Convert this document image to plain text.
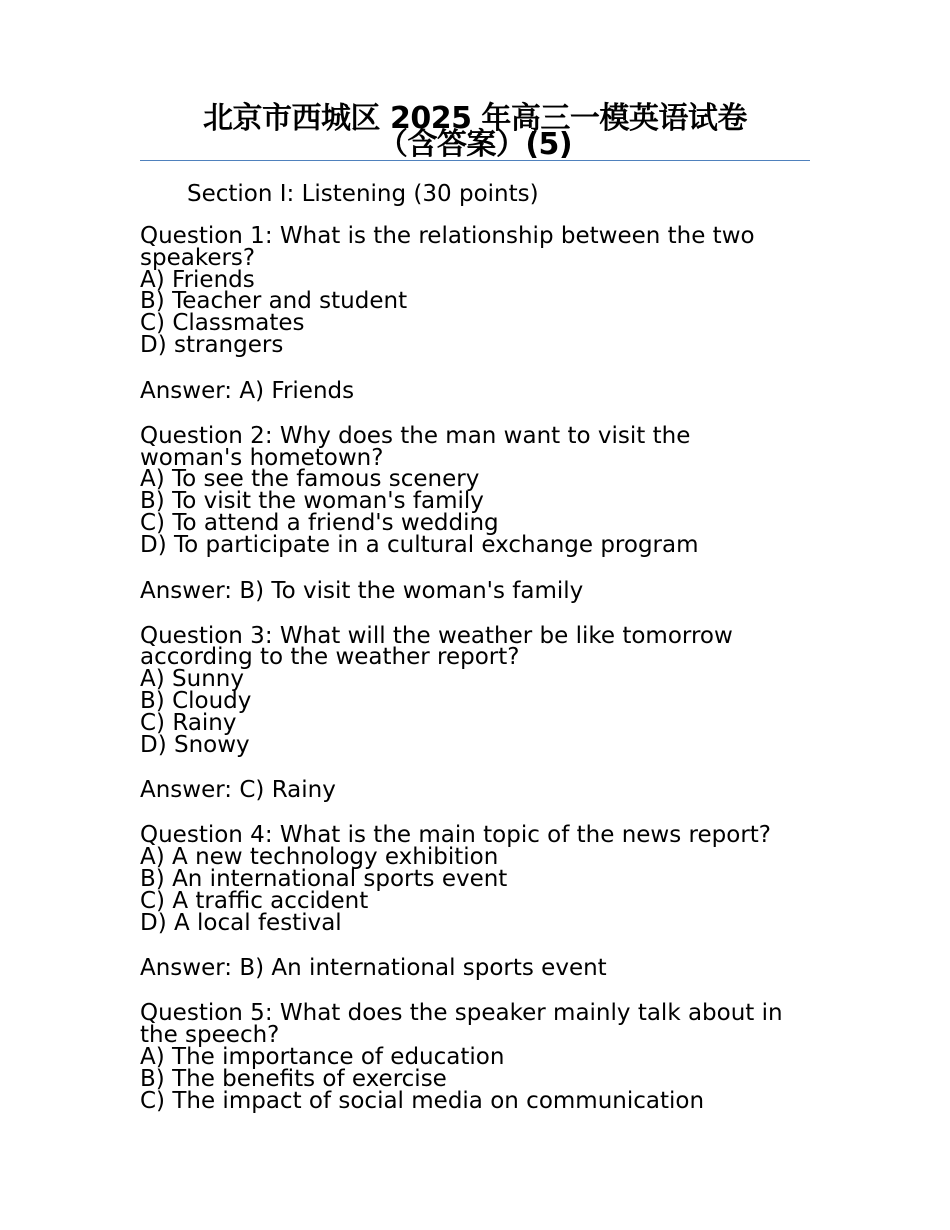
北京市西城区 2025 年高三一模英语试卷
（含答案）(5)
Section I: Listening (30 points)
Question 1: What is the relationship between the two
speakers?
A) Friends
B) Teacher and student
C) Classmates
D) strangers
Answer: A) Friends
Question 2: Why does the man want to visit the
woman's hometown?
A) To see the famous scenery
B) To visit the woman's family
C) To attend a friend's wedding
D) To participate in a cultural exchange program
Answer: B) To visit the woman's family
Question 3: What will the weather be like tomorrow
according to the weather report?
A) Sunny
B) Cloudy
C) Rainy
D) Snowy
Answer: C) Rainy
Question 4: What is the main topic of the news report?
A) A new technology exhibition
B) An international sports event
C) A traffic accident
D) A local festival
Answer: B) An international sports event
Question 5: What does the speaker mainly talk about in
the speech?
A) The importance of education
B) The benefits of exercise
C) The impact of social media on communication
